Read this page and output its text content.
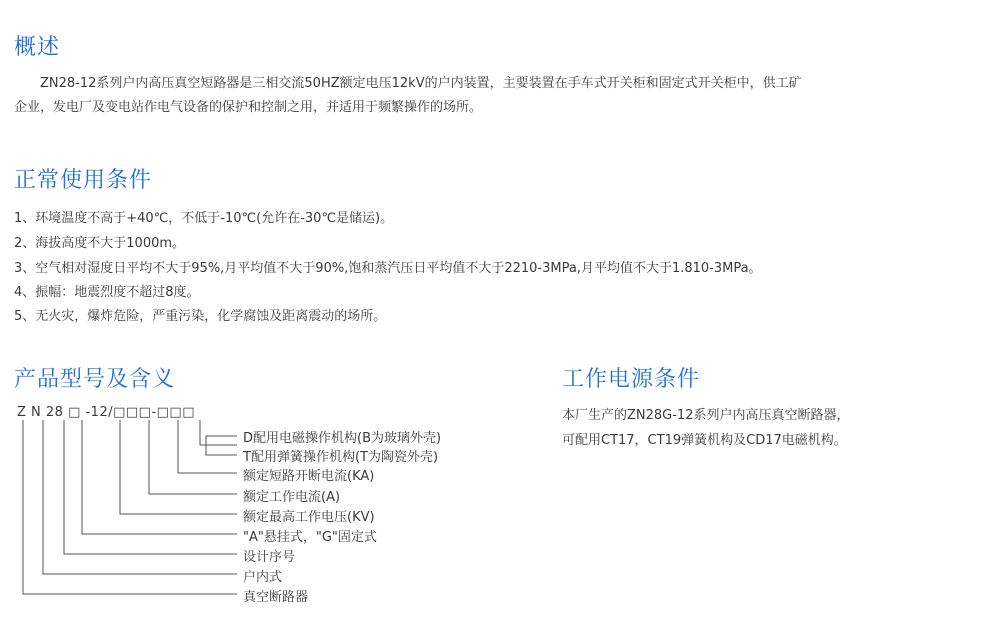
概述

ZN28-12系列户内高压真空短路器是三相交流50HZ额定电压12kV的户内装置，主要装置在手车式开关柜和固定式开关柜中，供工矿

企业，发电厂及变电站作电气设备的保护和控制之用，并适用于频繁操作的场所。

正常使用条件

1、环境温度不高于+40℃，不低于-10℃(允许在-30℃是储运)。

2、海拔高度不大于1000m。

3、空气相对湿度日平均不大于95%,月平均值不大于90%,饱和蒸汽压日平均值不大于2210-3MPa,月平均值不大于1.810-3MPa。

4、振幅：地震烈度不超过8度。

5、无火灾，爆炸危险，严重污染，化学腐蚀及距离震动的场所。

产品型号及含义
Z N 28 □ -12/□□□-□□□
D配用电磁操作机构(B为玻璃外壳)
T配用弹簧操作机构(T为陶瓷外壳)
额定短路开断电流(KA)
额定工作电流(A)
额定最高工作电压(KV)
"A"悬挂式，"G"固定式
设计序号
户内式
真空断路器
工作电源条件

本厂生产的ZN28G-12系列户内高压真空断路器，

可配用CT17，CT19弹簧机构及CD17电磁机构。
